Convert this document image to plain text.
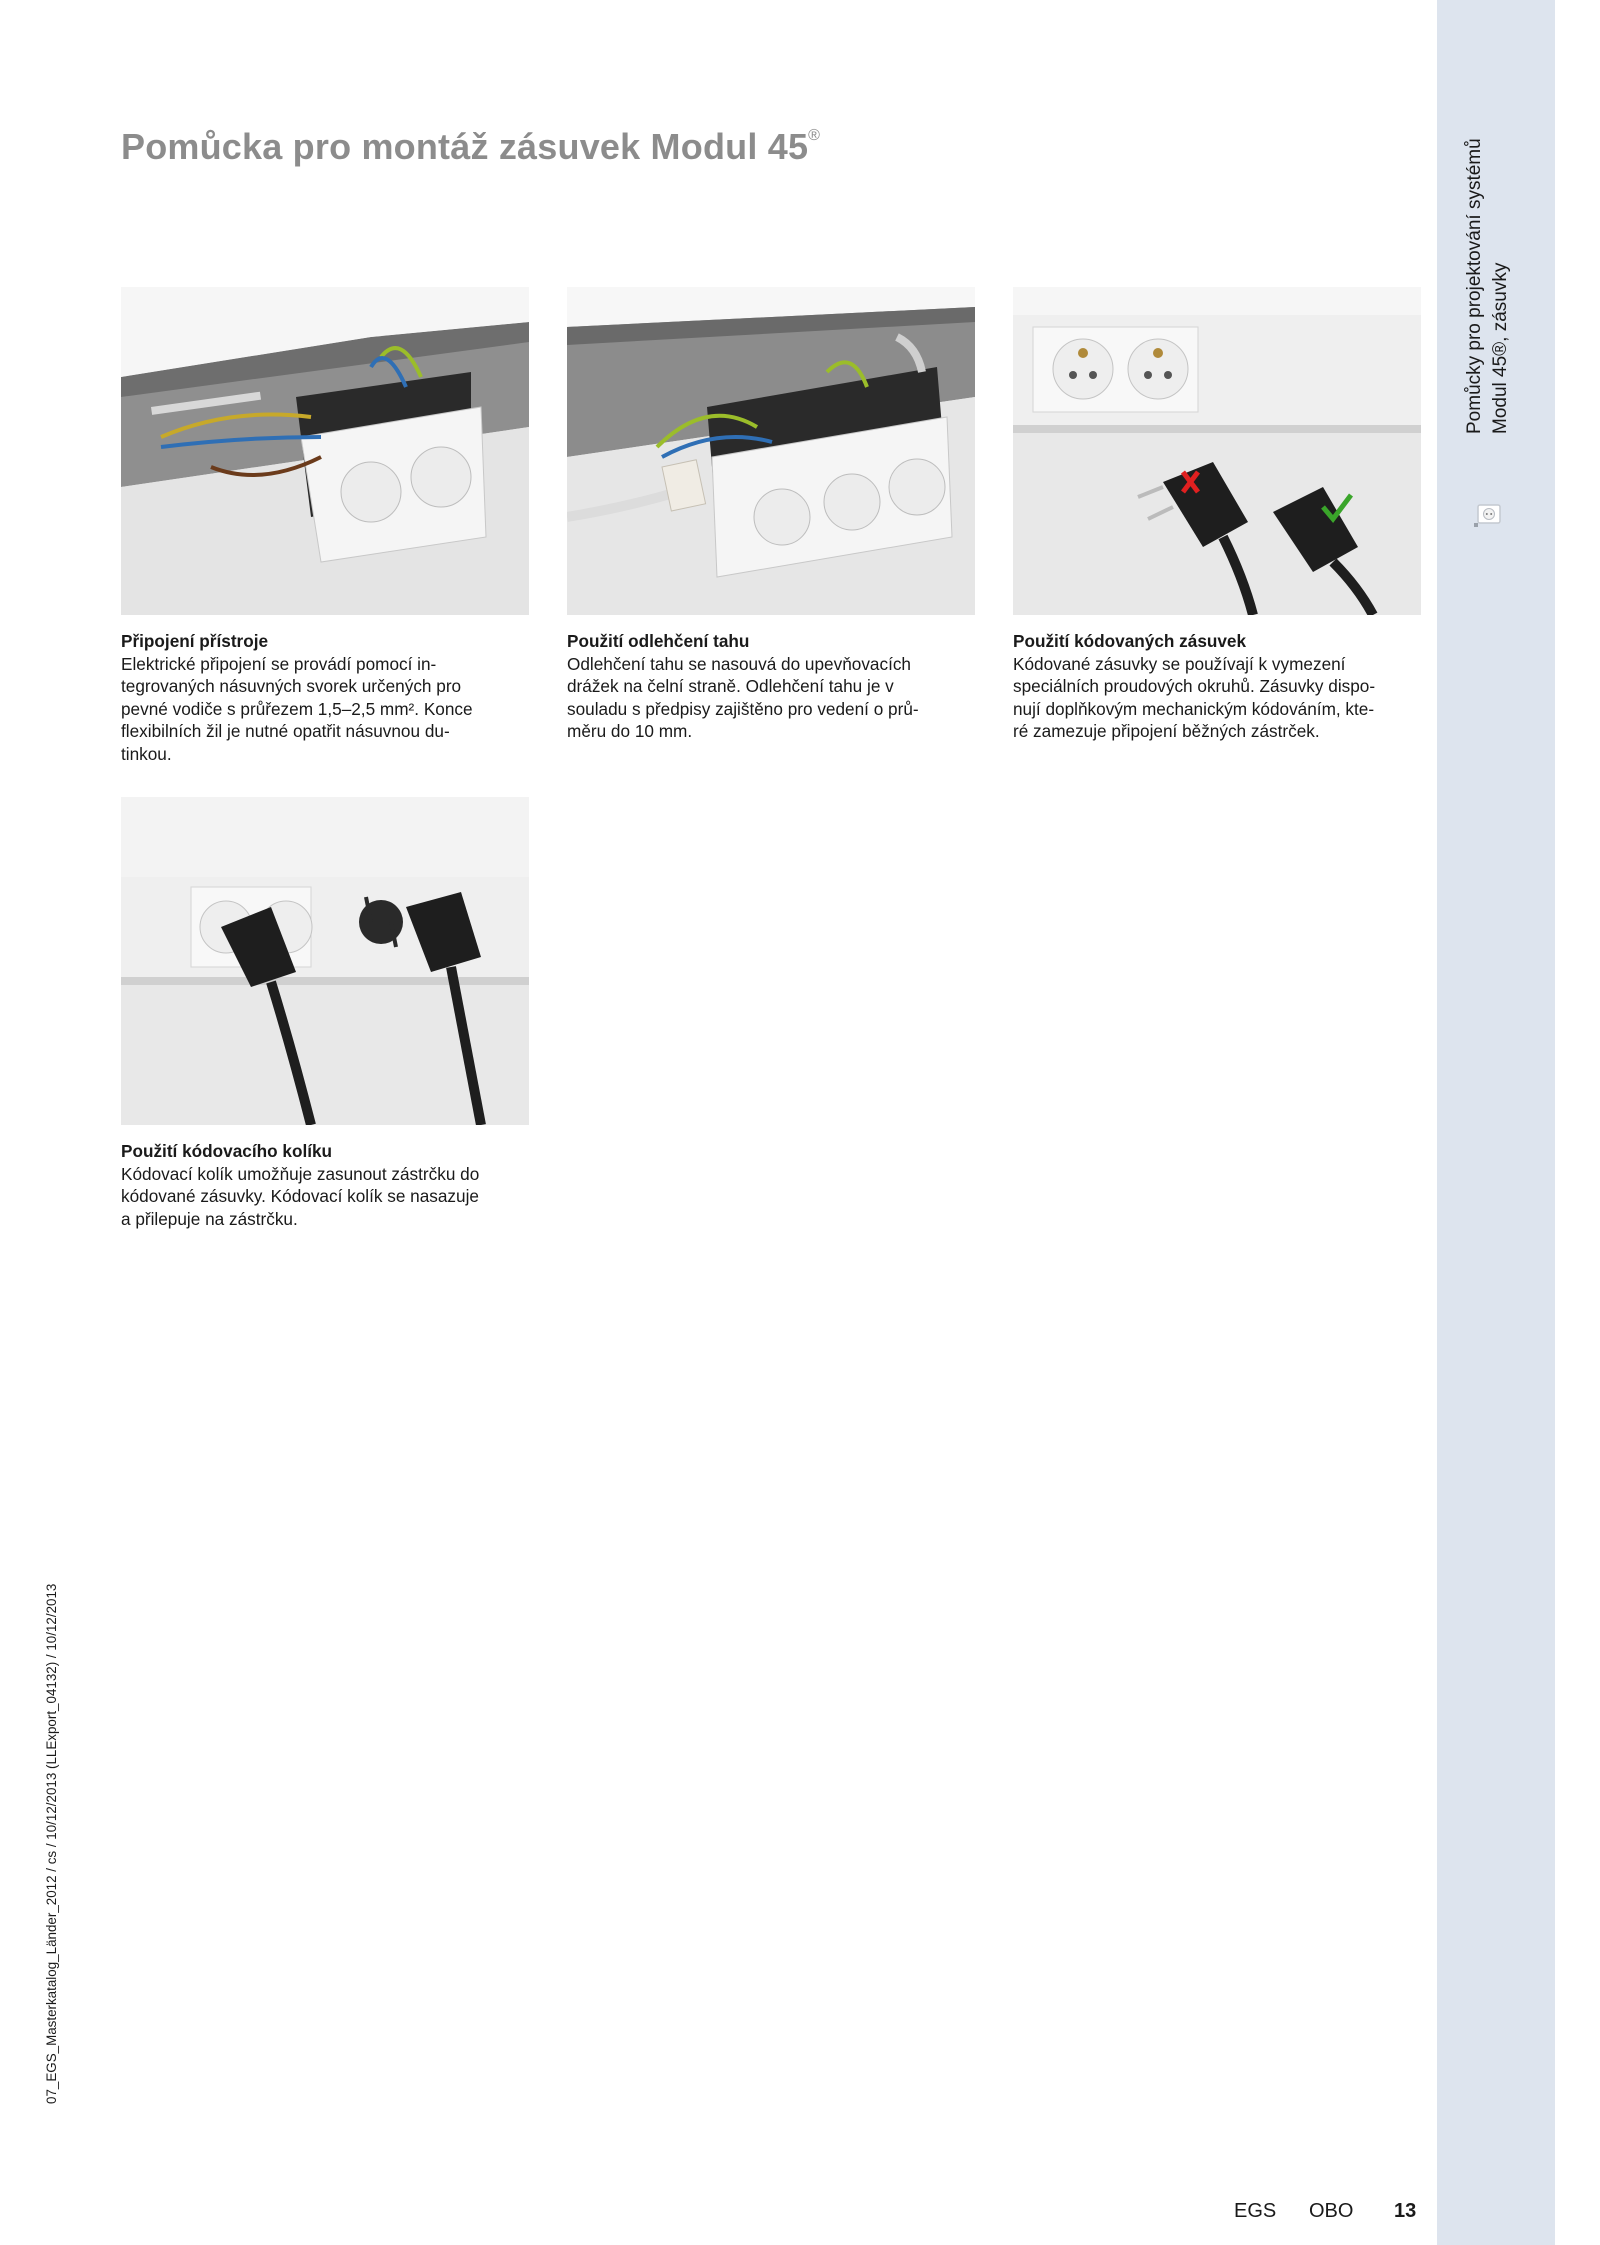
Pomůcka pro montáž zásuvek Modul 45®
Pomůcky pro projektování systémů Modul 45®, zásuvky
Připojení přístroje
Elektrické připojení se provádí pomocí in-
tegrovaných násuvných svorek určených pro
pevné vodiče s průřezem 1,5–2,5 mm². Konce
flexibilních žil je nutné opatřit násuvnou du-
tinkou.
Použití odlehčení tahu
Odlehčení tahu se nasouvá do upevňovacích
drážek na čelní straně. Odlehčení tahu je v
souladu s předpisy zajištěno pro vedení o prů-
měru do 10 mm.
Použití kódovaných zásuvek
Kódované zásuvky se používají k vymezení
speciálních proudových okruhů. Zásuvky dispo-
nují doplňkovým mechanickým kódováním, kte-
ré zamezuje připojení běžných zástrček.
Použití kódovacího kolíku
Kódovací kolík umožňuje zasunout zástrčku do
kódované zásuvky. Kódovací kolík se nasazuje
a přilepuje na zástrčku.
07_EGS_Masterkatalog_Länder_2012 / cs / 10/12/2013 (LLExport_04132) / 10/12/2013
EGS OBO 13
